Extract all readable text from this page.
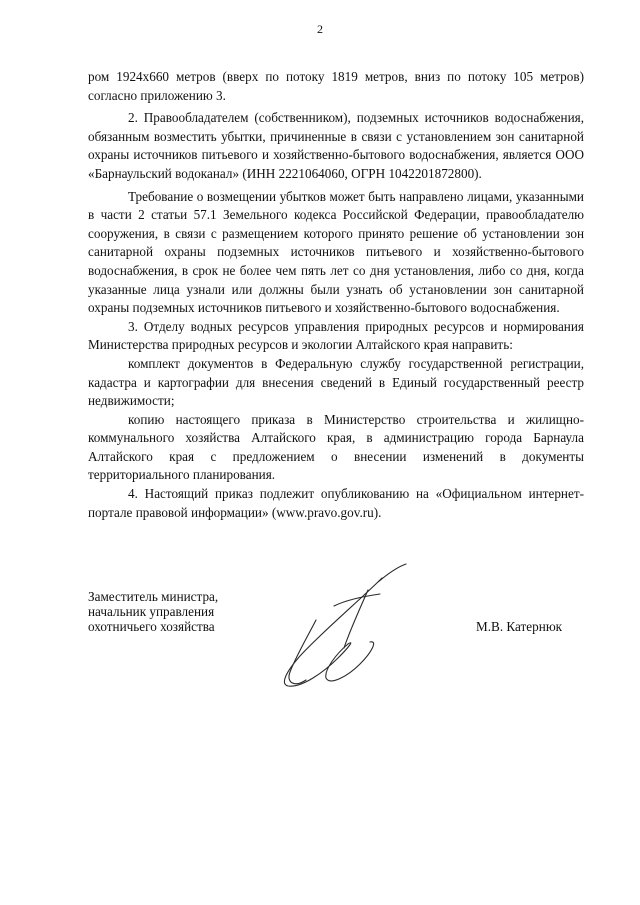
2

ром 1924х660 метров (вверх по потоку 1819 метров, вниз по потоку 105 метров) согласно приложению 3.

2. Правообладателем (собственником), подземных источников водоснабжения, обязанным возместить убытки, причиненные в связи с установлением зон санитарной охраны источников питьевого и хозяйственно-бытового водоснабжения, является ООО «Барнаульский водоканал» (ИНН 2221064060, ОГРН 1042201872800).

Требование о возмещении убытков может быть направлено лицами, указанными в части 2 статьи 57.1 Земельного кодекса Российской Федерации, правообладателю сооружения, в связи с размещением которого принято решение об установлении зон санитарной охраны подземных источников питьевого и хозяйственно-бытового водоснабжения, в срок не более чем пять лет со дня установления, либо со дня, когда указанные лица узнали или должны были узнать об установлении зон санитарной охраны подземных источников питьевого и хозяйственно-бытового водоснабжения.

3. Отделу водных ресурсов управления природных ресурсов и нормирования Министерства природных ресурсов и экологии Алтайского края направить:

комплект документов в Федеральную службу государственной регистрации, кадастра и картографии для внесения сведений в Единый государственный реестр недвижимости;

копию настоящего приказа в Министерство строительства и жилищно-коммунального хозяйства Алтайского края, в администрацию города Барнаула Алтайского края с предложением о внесении изменений в документы территориального планирования.

4. Настоящий приказ подлежит опубликованию на «Официальном интернет-портале правовой информации» (www.pravo.gov.ru).

Заместитель министра,
начальник управления
охотничьего хозяйства	М.В. Катернюк
